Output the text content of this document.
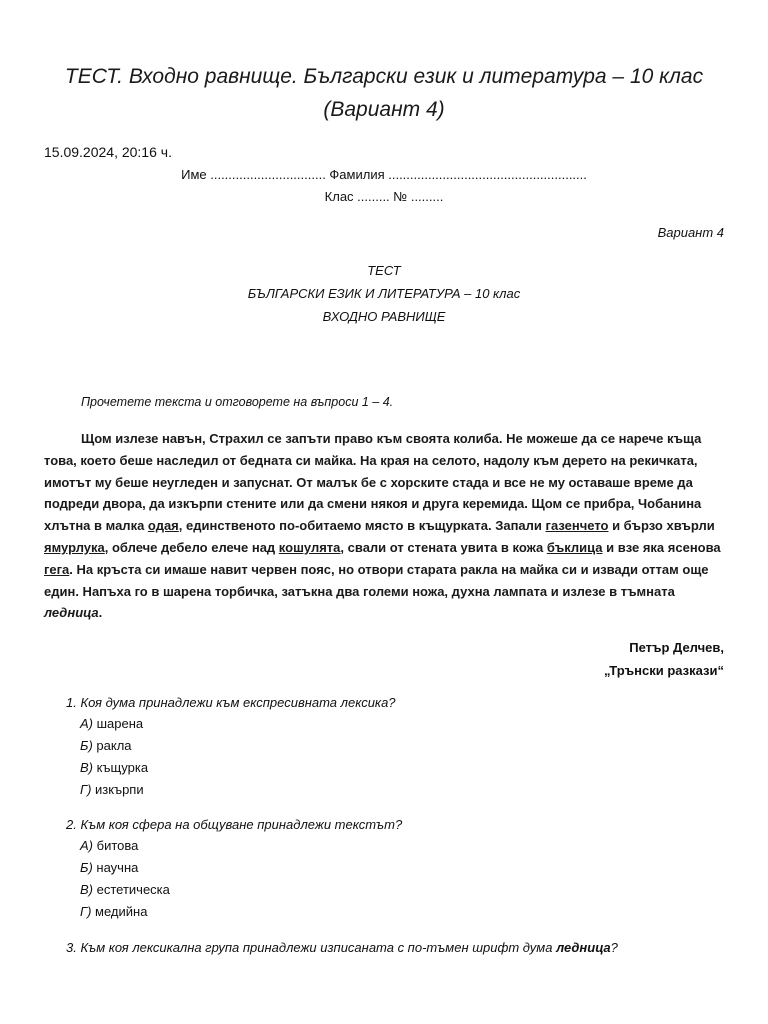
ТЕСТ. Входно равнище. Български език и литература – 10 клас
(Вариант 4)
15.09.2024, 20:16 ч.
Име ................................ Фамилия .......................................................
Клас ......... № .........
Вариант 4
ТЕСТ
БЪЛГАРСКИ ЕЗИК И ЛИТЕРАТУРА – 10 клас
ВХОДНО РАВНИЩЕ
Прочетете текста и отговорете на въпроси 1 – 4.
Щом излезе навън, Страхил се запъти право към своята колиба. Не можеше да се нарече къща това, което беше наследил от бедната си майка. На края на селото, надолу към дерето на рекичката, имотът му беше неугледен и запуснат. От малък бе с хорските стада и все не му оставаше време да подреди двора, да изкърпи стените или да смени някоя и друга керемида. Щом се прибра, Чобанина хлътна в малка одая, единственото по-обитаемо място в къщурката. Запали газенчето и бързо хвърли ямурлука, облече дебело елече над кошулята, свали от стената увита в кожа бъклица и взе яка ясенова гега. На кръста си имаше навит червен пояс, но отвори старата ракла на майка си и извади оттам още един. Напъха го в шарена торбичка, затъкна два големи ножа, духна лампата и излезе в тъмната ледница.
Петър Делчев,
„Трънски разкази“
1. Коя дума принадлежи към експресивната лексика?
А) шарена
Б) ракла
В) къщурка
Г) изкърпи
2. Към коя сфера на общуване принадлежи текстът?
А) битова
Б) научна
В) естетическа
Г) медийна
3. Към коя лексикална група принадлежи изписаната с по-тъмен шрифт дума ледница?
